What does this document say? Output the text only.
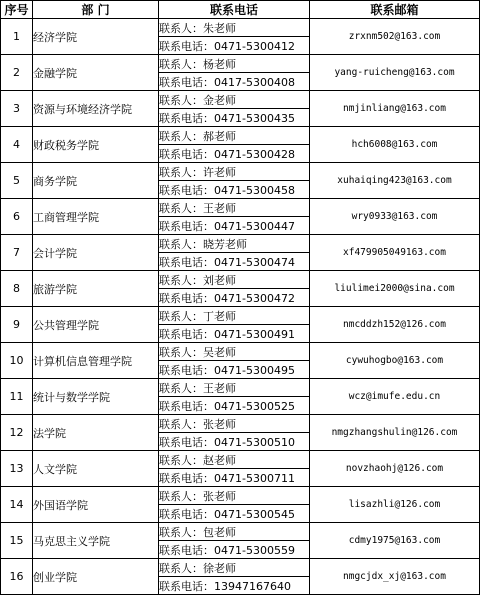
序号	部 门	联系电话	联系邮箱
1	经济学院	联系人：朱老师	zrxnm502@163.com
		联系电话：0471-5300412	
2	金融学院	联系人：杨老师	yang-ruicheng@163.com
		联系电话：0417-5300408	
3	资源与环境经济学院	联系人：金老师	nmjinliang@163.com
		联系电话：0471-5300435	
4	财政税务学院	联系人：郝老师	hch6008@163.com
		联系电话：0471-5300428	
5	商务学院	联系人：许老师	xuhaiqing423@163.com
		联系电话：0471-5300458	
6	工商管理学院	联系人：王老师	wry0933@163.com
		联系电话：0471-5300447	
7	会计学院	联系人：晓芳老师	xf479905049163.com
		联系电话：0471-5300474	
8	旅游学院	联系人：刘老师	liulimei2000@sina.com
		联系电话：0471-5300472	
9	公共管理学院	联系人：丁老师	nmcddzh152@126.com
		联系电话：0471-5300491	
10	计算机信息管理学院	联系人：吴老师	cywuhogbo@163.com
		联系电话：0471-5300495	
11	统计与数学学院	联系人：王老师	wcz@imufe.edu.cn
		联系电话：0471-5300525	
12	法学院	联系人：张老师	nmgzhangshulin@126.com
		联系电话：0471-5300510	
13	人文学院	联系人：赵老师	novzhaohj@126.com
		联系电话：0471-5300711	
14	外国语学院	联系人：张老师	lisazhli@126.com
		联系电话：0471-5300545	
15	马克思主义学院	联系人：包老师	cdmy1975@163.com
		联系电话：0471-5300559	
16	创业学院	联系人：徐老师	nmgcjdx_xj@163.com
		联系电话：13947167640	
